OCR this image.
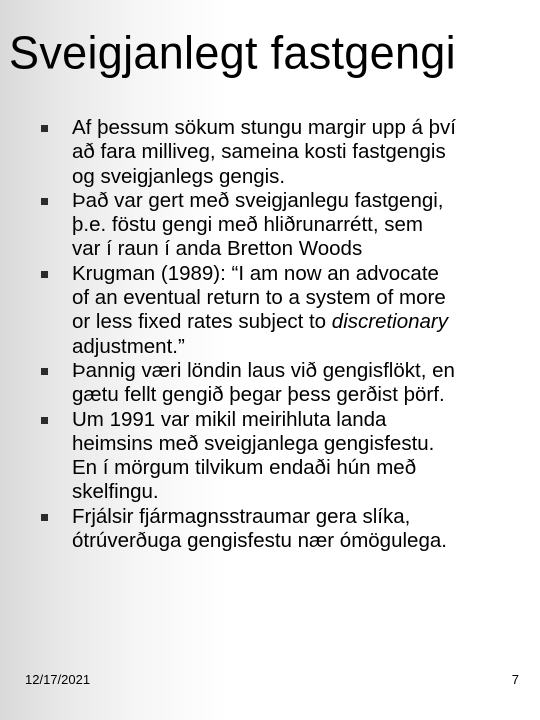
Sveigjanlegt fastgengi
Af þessum sökum stungu margir upp á því
að fara milliveg, sameina kosti fastgengis
og sveigjanlegs gengis.
Það var gert með sveigjanlegu fastgengi,
þ.e. föstu gengi með hliðrunarrétt, sem
var í raun í anda Bretton Woods
Krugman (1989): “I am now an advocate
of an eventual return to a system of more
or less fixed rates subject to discretionary
adjustment.”
Þannig væri löndin laus við gengisflökt, en
gætu fellt gengið þegar þess gerðist þörf.
Um 1991 var mikil meirihluta landa
heimsins með sveigjanlega gengisfestu.
En í mörgum tilvikum endaði hún með
skelfingu.
Frjálsir fjármagnsstraumar gera slíka,
ótrúverðuga gengisfestu nær ómögulega.
12/17/2021	7
